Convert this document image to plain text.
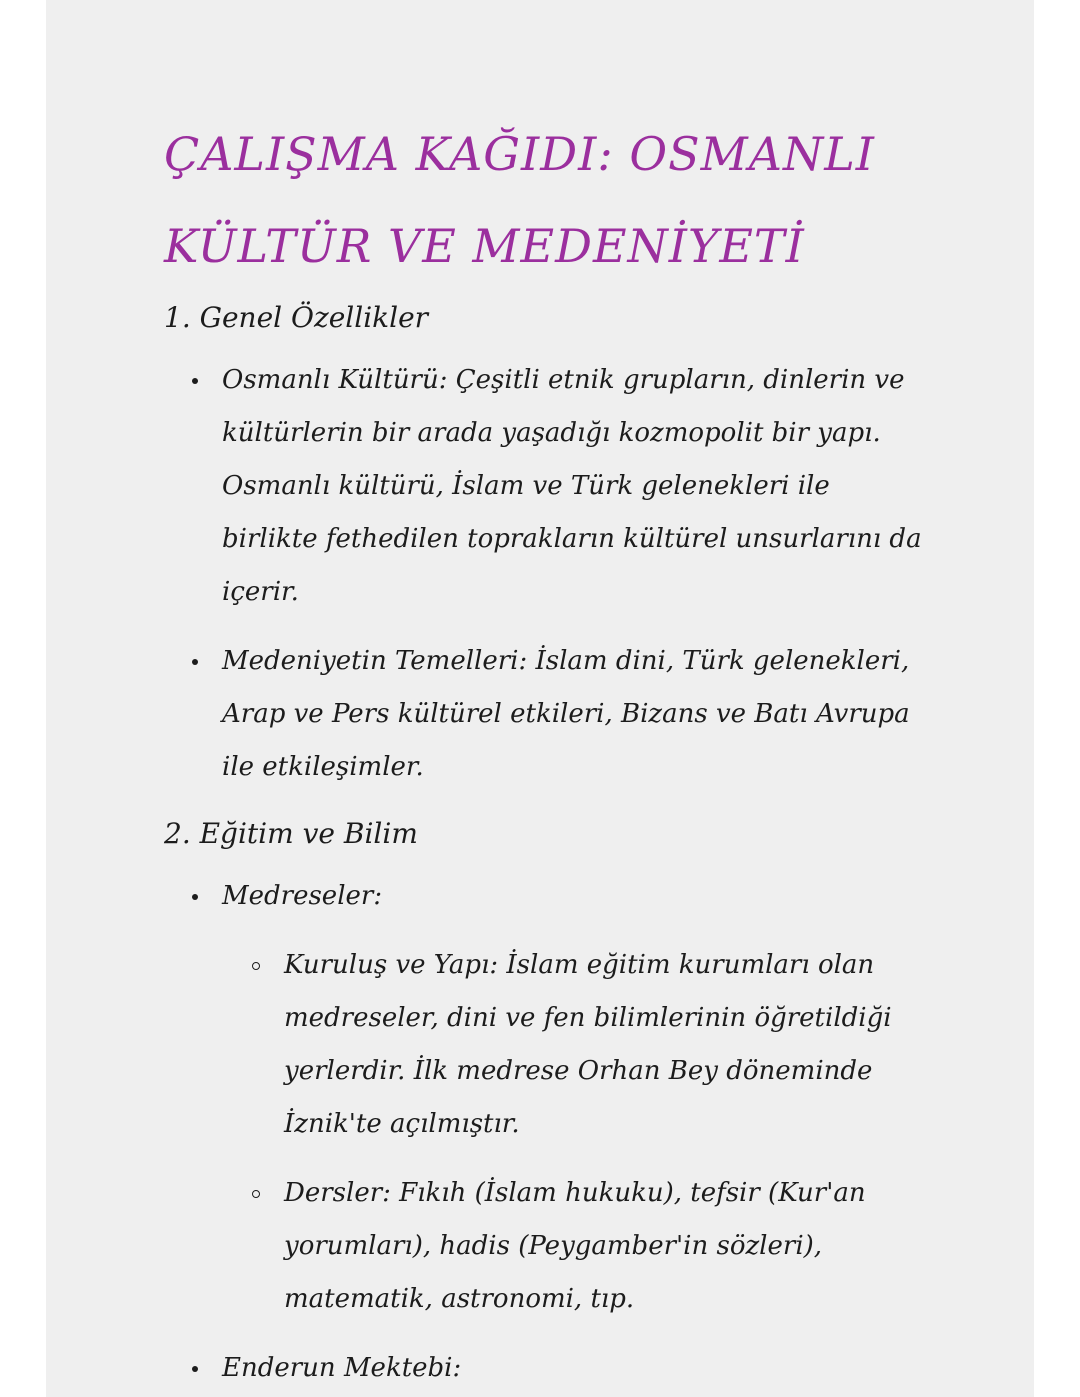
ÇALIŞMA KAĞIDI: OSMANLI
KÜLTÜR VE MEDENİYETİ
1. Genel Özellikler
Osmanlı Kültürü: Çeşitli etnik grupların, dinlerin ve kültürlerin bir arada yaşadığı kozmopolit bir yapı. Osmanlı kültürü, İslam ve Türk gelenekleri ile birlikte fethedilen toprakların kültürel unsurlarını da içerir.
Medeniyetin Temelleri: İslam dini, Türk gelenekleri, Arap ve Pers kültürel etkileri, Bizans ve Batı Avrupa ile etkileşimler.
2. Eğitim ve Bilim
Medreseler:
Kuruluş ve Yapı: İslam eğitim kurumları olan medreseler, dini ve fen bilimlerinin öğretildiği yerlerdir. İlk medrese Orhan Bey döneminde İznik'te açılmıştır.
Dersler: Fıkıh (İslam hukuku), tefsir (Kur'an yorumları), hadis (Peygamber'in sözleri), matematik, astronomi, tıp.
Enderun Mektebi:
